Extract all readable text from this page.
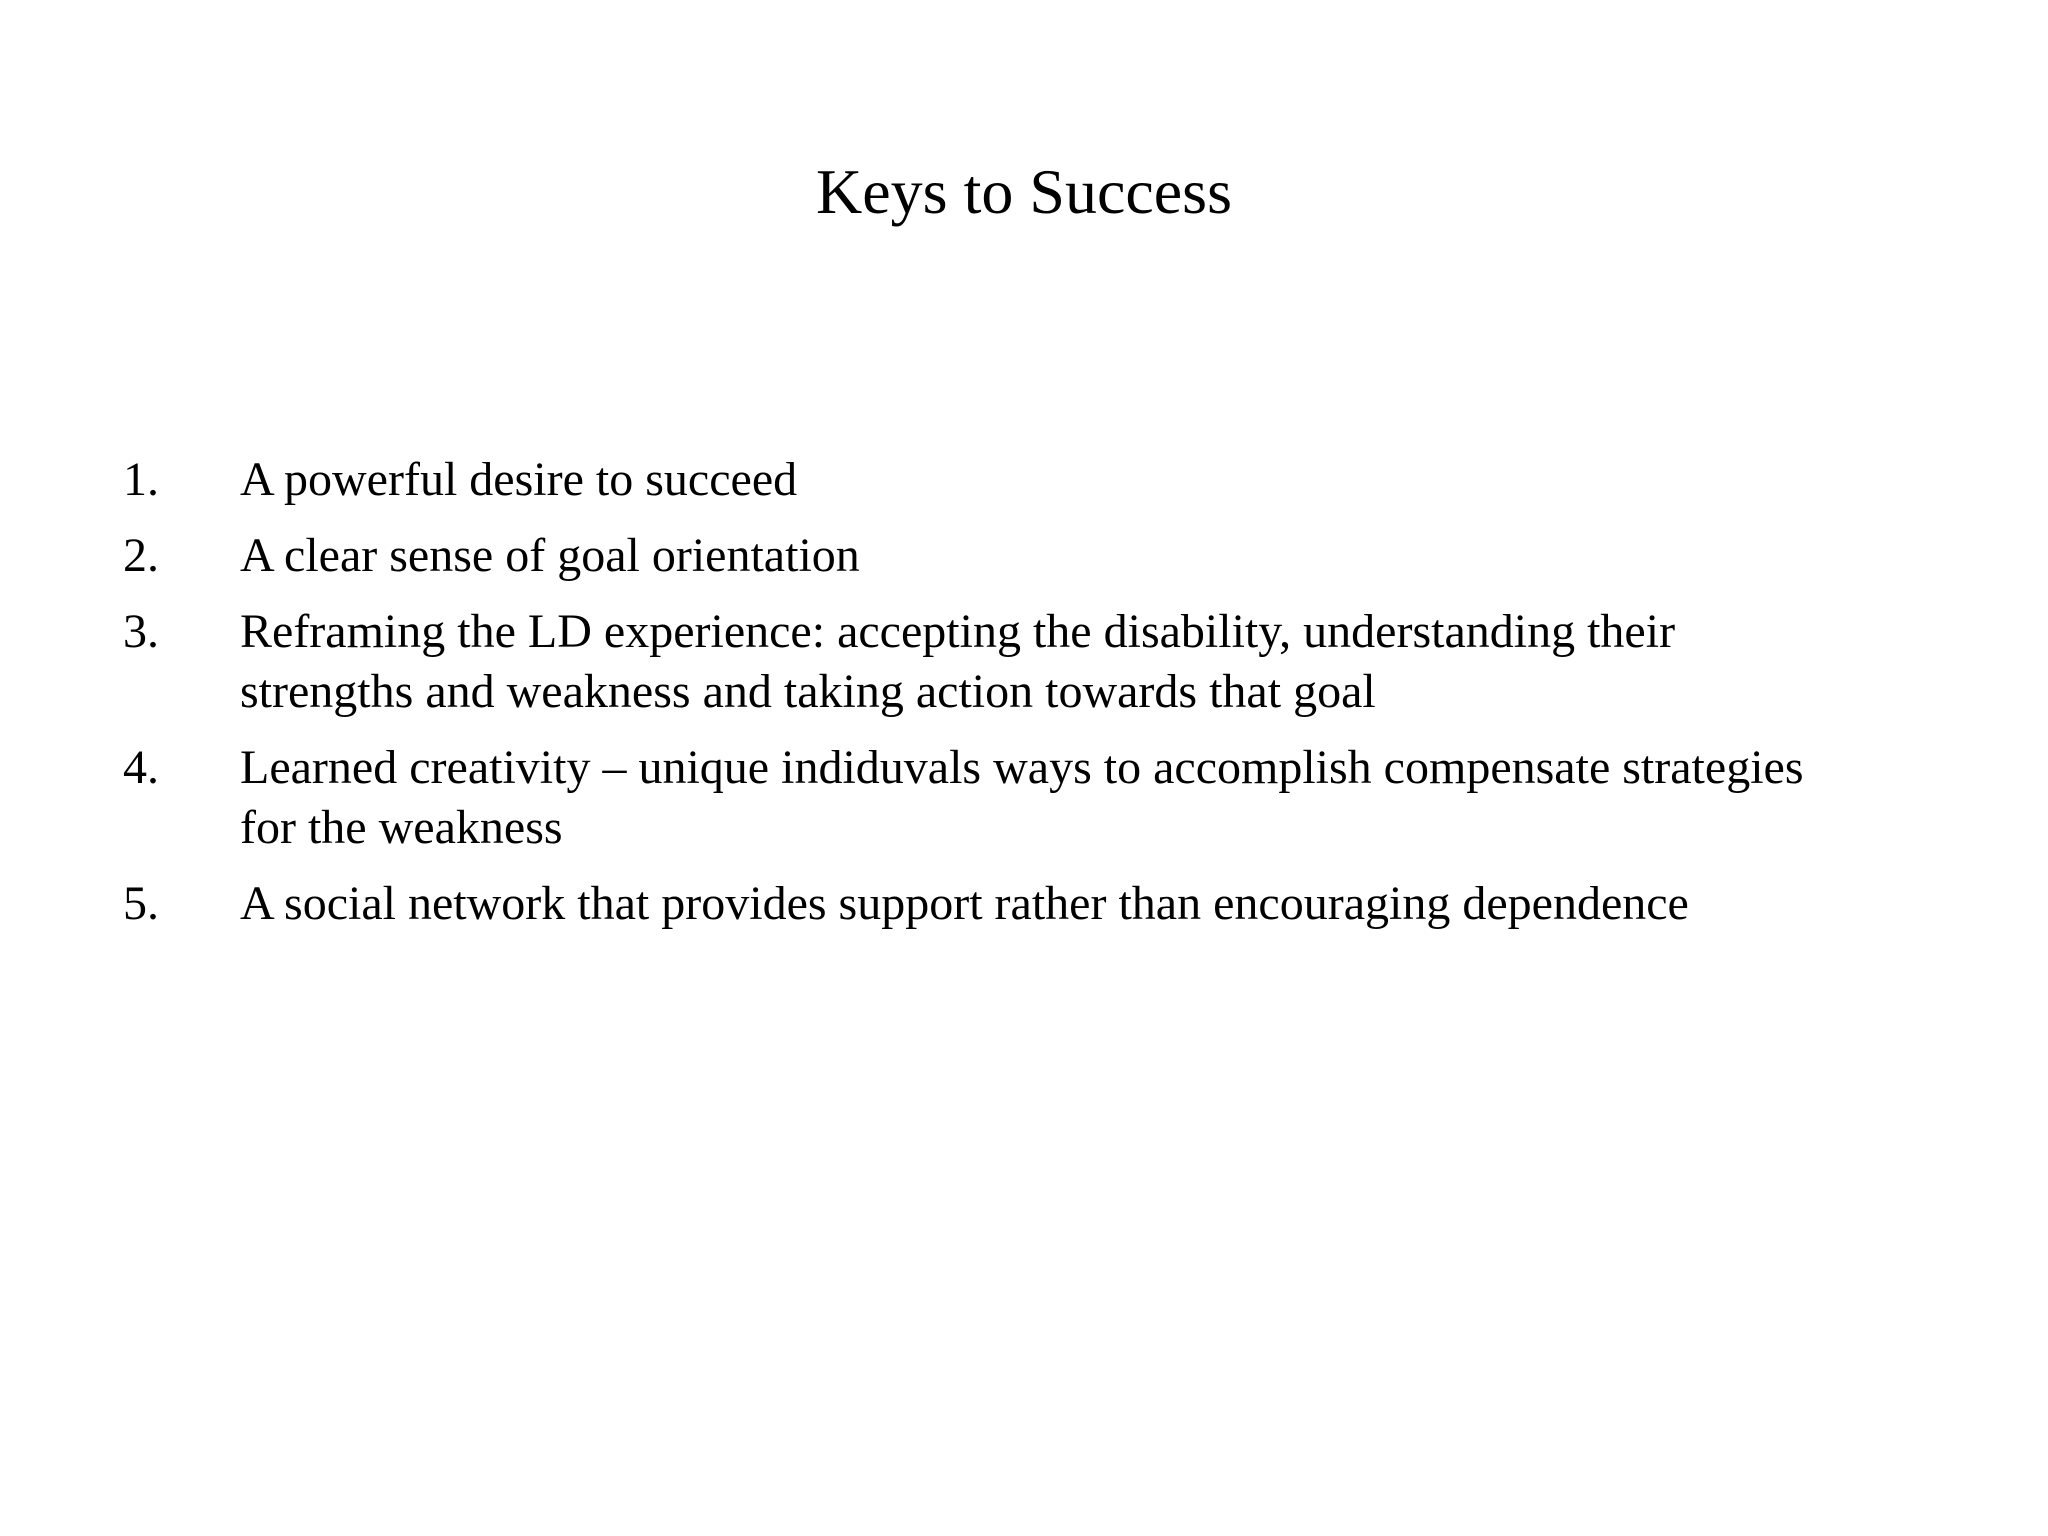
Keys to Success
1. A powerful desire to succeed
2. A clear sense of goal orientation
3. Reframing the LD experience: accepting the disability, understanding their
strengths and weakness and taking action towards that goal
4. Learned creativity – unique indiduvals ways to accomplish compensate strategies
for the weakness
5. A social network that provides support rather than encouraging dependence
